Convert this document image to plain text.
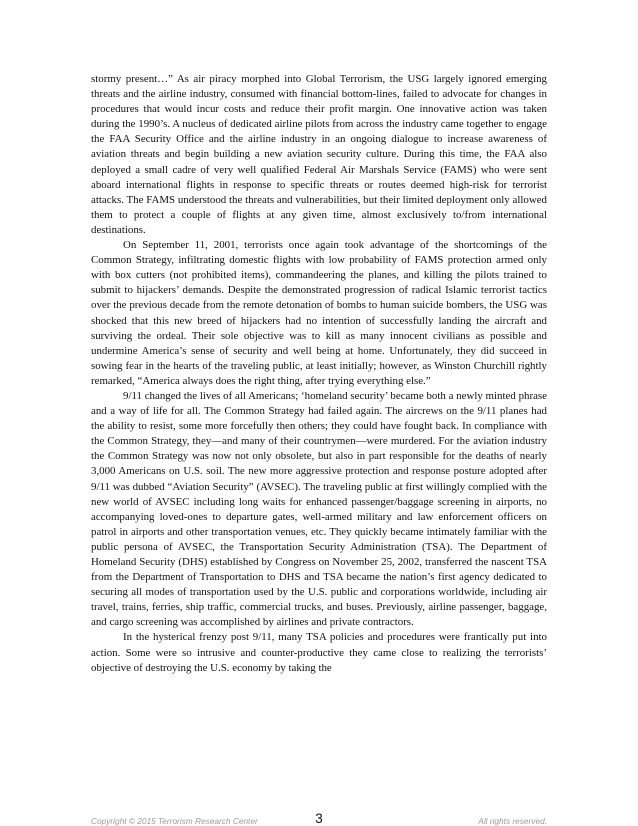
stormy present…” As air piracy morphed into Global Terrorism, the USG largely ignored emerging threats and the airline industry, consumed with financial bottom-lines, failed to advocate for changes in procedures that would incur costs and reduce their profit margin. One innovative action was taken during the 1990’s. A nucleus of dedicated airline pilots from across the industry came together to engage the FAA Security Office and the airline industry in an ongoing dialogue to increase awareness of aviation threats and begin building a new aviation security culture. During this time, the FAA also deployed a small cadre of very well qualified Federal Air Marshals Service (FAMS) who were sent aboard international flights in response to specific threats or routes deemed high-risk for terrorist attacks. The FAMS understood the threats and vulnerabilities, but their limited deployment only allowed them to protect a couple of flights at any given time, almost exclusively to/from international destinations.

On September 11, 2001, terrorists once again took advantage of the shortcomings of the Common Strategy, infiltrating domestic flights with low probability of FAMS protection armed only with box cutters (not prohibited items), commandeering the planes, and killing the pilots trained to submit to hijackers’ demands. Despite the demonstrated progression of radical Islamic terrorist tactics over the previous decade from the remote detonation of bombs to human suicide bombers, the USG was shocked that this new breed of hijackers had no intention of successfully landing the aircraft and surviving the ordeal. Their sole objective was to kill as many innocent civilians as possible and undermine America’s sense of security and well being at home. Unfortunately, they did succeed in sowing fear in the hearts of the traveling public, at least initially; however, as Winston Churchill rightly remarked, “America always does the right thing, after trying everything else.”

9/11 changed the lives of all Americans; ‘homeland security’ became both a newly minted phrase and a way of life for all. The Common Strategy had failed again. The aircrews on the 9/11 planes had the ability to resist, some more forcefully then others; they could have fought back. In compliance with the Common Strategy, they—and many of their countrymen—were murdered. For the aviation industry the Common Strategy was now not only obsolete, but also in part responsible for the deaths of nearly 3,000 Americans on U.S. soil. The new more aggressive protection and response posture adopted after 9/11 was dubbed “Aviation Security” (AVSEC). The traveling public at first willingly complied with the new world of AVSEC including long waits for enhanced passenger/baggage screening in airports, no accompanying loved-ones to departure gates, well-armed military and law enforcement officers on patrol in airports and other transportation venues, etc. They quickly became intimately familiar with the public persona of AVSEC, the Transportation Security Administration (TSA). The Department of Homeland Security (DHS) established by Congress on November 25, 2002, transferred the nascent TSA from the Department of Transportation to DHS and TSA became the nation’s first agency dedicated to securing all modes of transportation used by the U.S. public and corporations worldwide, including air travel, trains, ferries, ship traffic, commercial trucks, and buses. Previously, airline passenger, baggage, and cargo screening was accomplished by airlines and private contractors.

In the hysterical frenzy post 9/11, many TSA policies and procedures were frantically put into action. Some were so intrusive and counter-productive they came close to realizing the terrorists’ objective of destroying the U.S. economy by taking the

Copyright © 2015 Terrorism Research Center	3	All rights reserved.
